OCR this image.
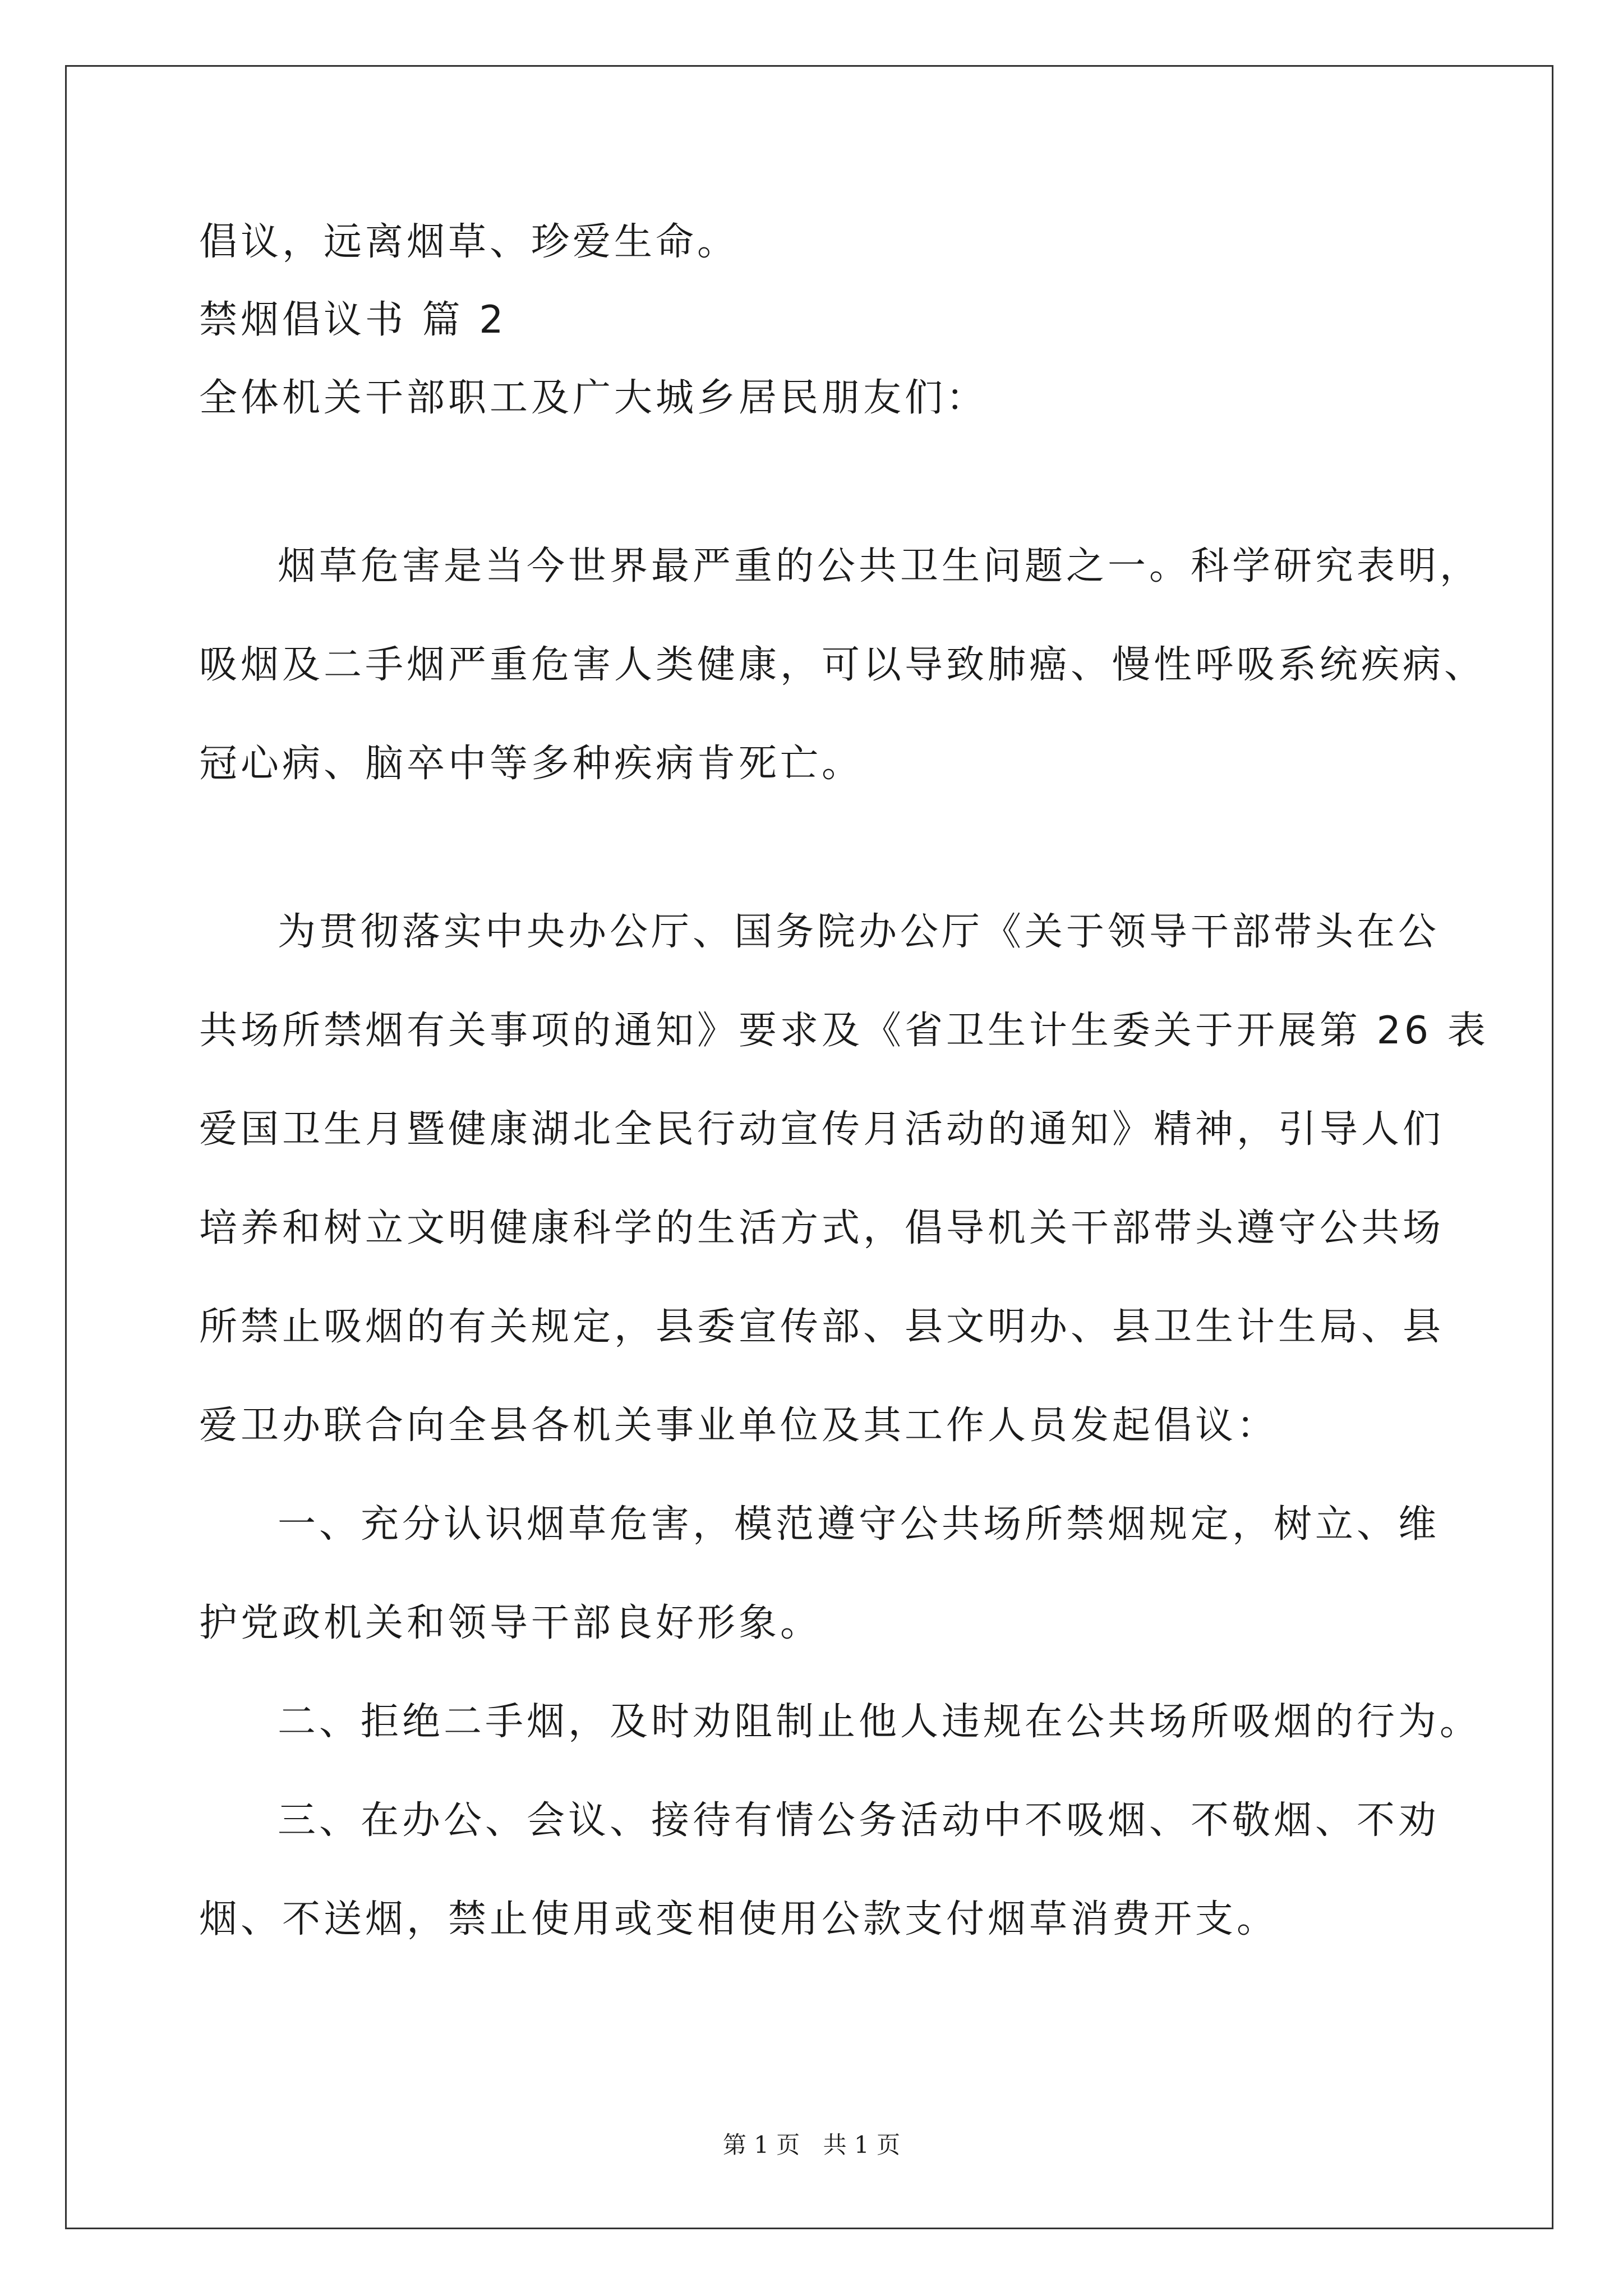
倡议，远离烟草、珍爱生命。
禁烟倡议书 篇 2
全体机关干部职工及广大城乡居民朋友们：
烟草危害是当今世界最严重的公共卫生问题之一。科学研究表明，
吸烟及二手烟严重危害人类健康，可以导致肺癌、慢性呼吸系统疾病、
冠心病、脑卒中等多种疾病肯死亡。
为贯彻落实中央办公厅、国务院办公厅《关于领导干部带头在公
共场所禁烟有关事项的通知》要求及《省卫生计生委关于开展第 26 表
爱国卫生月暨健康湖北全民行动宣传月活动的通知》精神，引导人们
培养和树立文明健康科学的生活方式，倡导机关干部带头遵守公共场
所禁止吸烟的有关规定，县委宣传部、县文明办、县卫生计生局、县
爱卫办联合向全县各机关事业单位及其工作人员发起倡议：
一、充分认识烟草危害，模范遵守公共场所禁烟规定，树立、维
护党政机关和领导干部良好形象。
二、拒绝二手烟，及时劝阻制止他人违规在公共场所吸烟的行为。
三、在办公、会议、接待有情公务活动中不吸烟、不敬烟、不劝
烟、不送烟，禁止使用或变相使用公款支付烟草消费开支。
第 1 页 共 1 页
